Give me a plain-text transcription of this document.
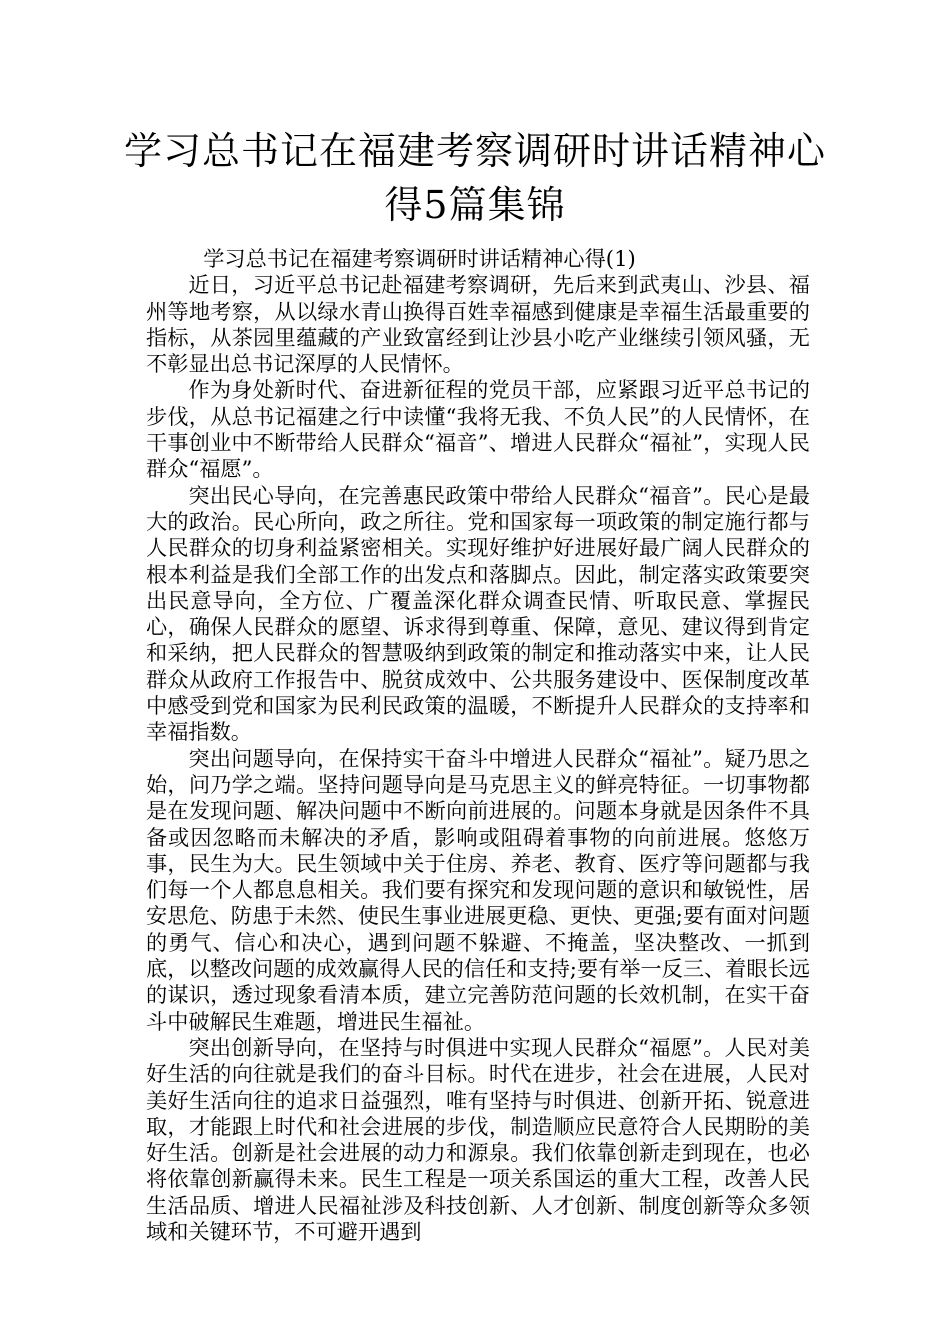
学习总书记在福建考察调研时讲话精神心
得5篇集锦

学习总书记在福建考察调研时讲话精神心得(1)

近日，习近平总书记赴福建考察调研，先后来到武夷山、沙县、福州等地考察，从以绿水青山换得百姓幸福感到健康是幸福生活最重要的指标，从茶园里蕴藏的产业致富经到让沙县小吃产业继续引领风骚，无不彰显出总书记深厚的人民情怀。

作为身处新时代、奋进新征程的党员干部，应紧跟习近平总书记的步伐，从总书记福建之行中读懂“我将无我、不负人民”的人民情怀，在干事创业中不断带给人民群众“福音”、增进人民群众“福祉”，实现人民群众“福愿”。

突出民心导向，在完善惠民政策中带给人民群众“福音”。民心是最大的政治。民心所向，政之所往。党和国家每一项政策的制定施行都与人民群众的切身利益紧密相关。实现好维护好进展好最广阔人民群众的根本利益是我们全部工作的出发点和落脚点。因此，制定落实政策要突出民意导向，全方位、广覆盖深化群众调查民情、听取民意、掌握民心，确保人民群众的愿望、诉求得到尊重、保障，意见、建议得到肯定和采纳，把人民群众的智慧吸纳到政策的制定和推动落实中来，让人民群众从政府工作报告中、脱贫成效中、公共服务建设中、医保制度改革中感受到党和国家为民利民政策的温暖，不断提升人民群众的支持率和幸福指数。

突出问题导向，在保持实干奋斗中增进人民群众“福祉”。疑乃思之始，问乃学之端。坚持问题导向是马克思主义的鲜亮特征。一切事物都是在发现问题、解决问题中不断向前进展的。问题本身就是因条件不具备或因忽略而未解决的矛盾，影响或阻碍着事物的向前进展。悠悠万事，民生为大。民生领域中关于住房、养老、教育、医疗等问题都与我们每一个人都息息相关。我们要有探究和发现问题的意识和敏锐性，居安思危、防患于未然、使民生事业进展更稳、更快、更强;要有面对问题的勇气、信心和决心，遇到问题不躲避、不掩盖，坚决整改、一抓到底，以整改问题的成效赢得人民的信任和支持;要有举一反三、着眼长远的谋识，透过现象看清本质，建立完善防范问题的长效机制，在实干奋斗中破解民生难题，增进民生福祉。

突出创新导向，在坚持与时俱进中实现人民群众“福愿”。人民对美好生活的向往就是我们的奋斗目标。时代在进步，社会在进展，人民对美好生活向往的追求日益强烈，唯有坚持与时俱进、创新开拓、锐意进取，才能跟上时代和社会进展的步伐，制造顺应民意符合人民期盼的美好生活。创新是社会进展的动力和源泉。我们依靠创新走到现在，也必将依靠创新赢得未来。民生工程是一项关系国运的重大工程，改善人民生活品质、增进人民福祉涉及科技创新、人才创新、制度创新等众多领域和关键环节，不可避开遇到
